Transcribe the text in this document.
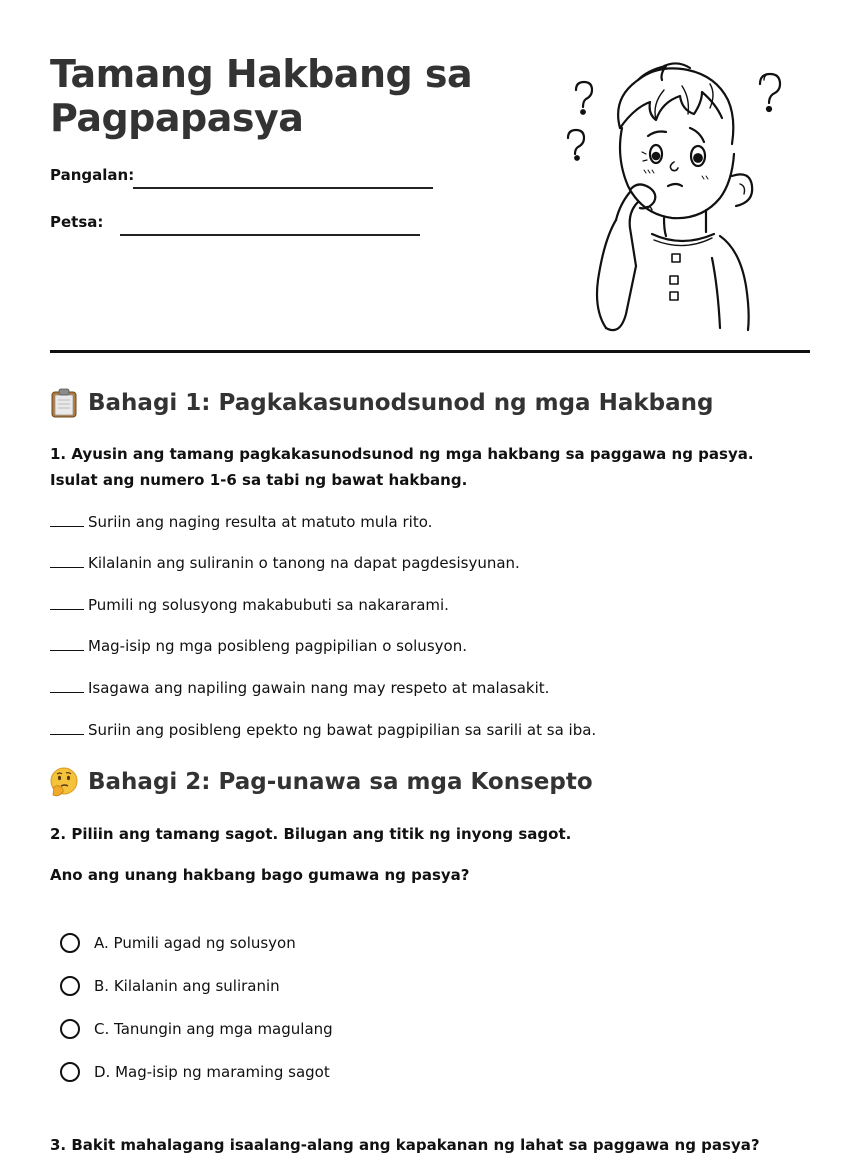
Tamang Hakbang sa Pagpapasya
Pangalan:
Petsa:
Bahagi 1: Pagkakasunodsunod ng mga Hakbang

1. Ayusin ang tamang pagkakasunodsunod ng mga hakbang sa paggawa ng pasya. Isulat ang numero 1-6 sa tabi ng bawat hakbang.

Suriin ang naging resulta at matuto mula rito.
Kilalanin ang suliranin o tanong na dapat pagdesisyunan.
Pumili ng solusyong makabubuti sa nakararami.
Mag-isip ng mga posibleng pagpipilian o solusyon.
Isagawa ang napiling gawain nang may respeto at malasakit.
Suriin ang posibleng epekto ng bawat pagpipilian sa sarili at sa iba.
Bahagi 2: Pag-unawa sa mga Konsepto

2. Piliin ang tamang sagot. Bilugan ang titik ng inyong sagot.

Ano ang unang hakbang bago gumawa ng pasya?

A. Pumili agad ng solusyon
B. Kilalanin ang suliranin
C. Tanungin ang mga magulang
D. Mag-isip ng maraming sagot

3. Bakit mahalagang isaalang-alang ang kapakanan ng lahat sa paggawa ng pasya?
